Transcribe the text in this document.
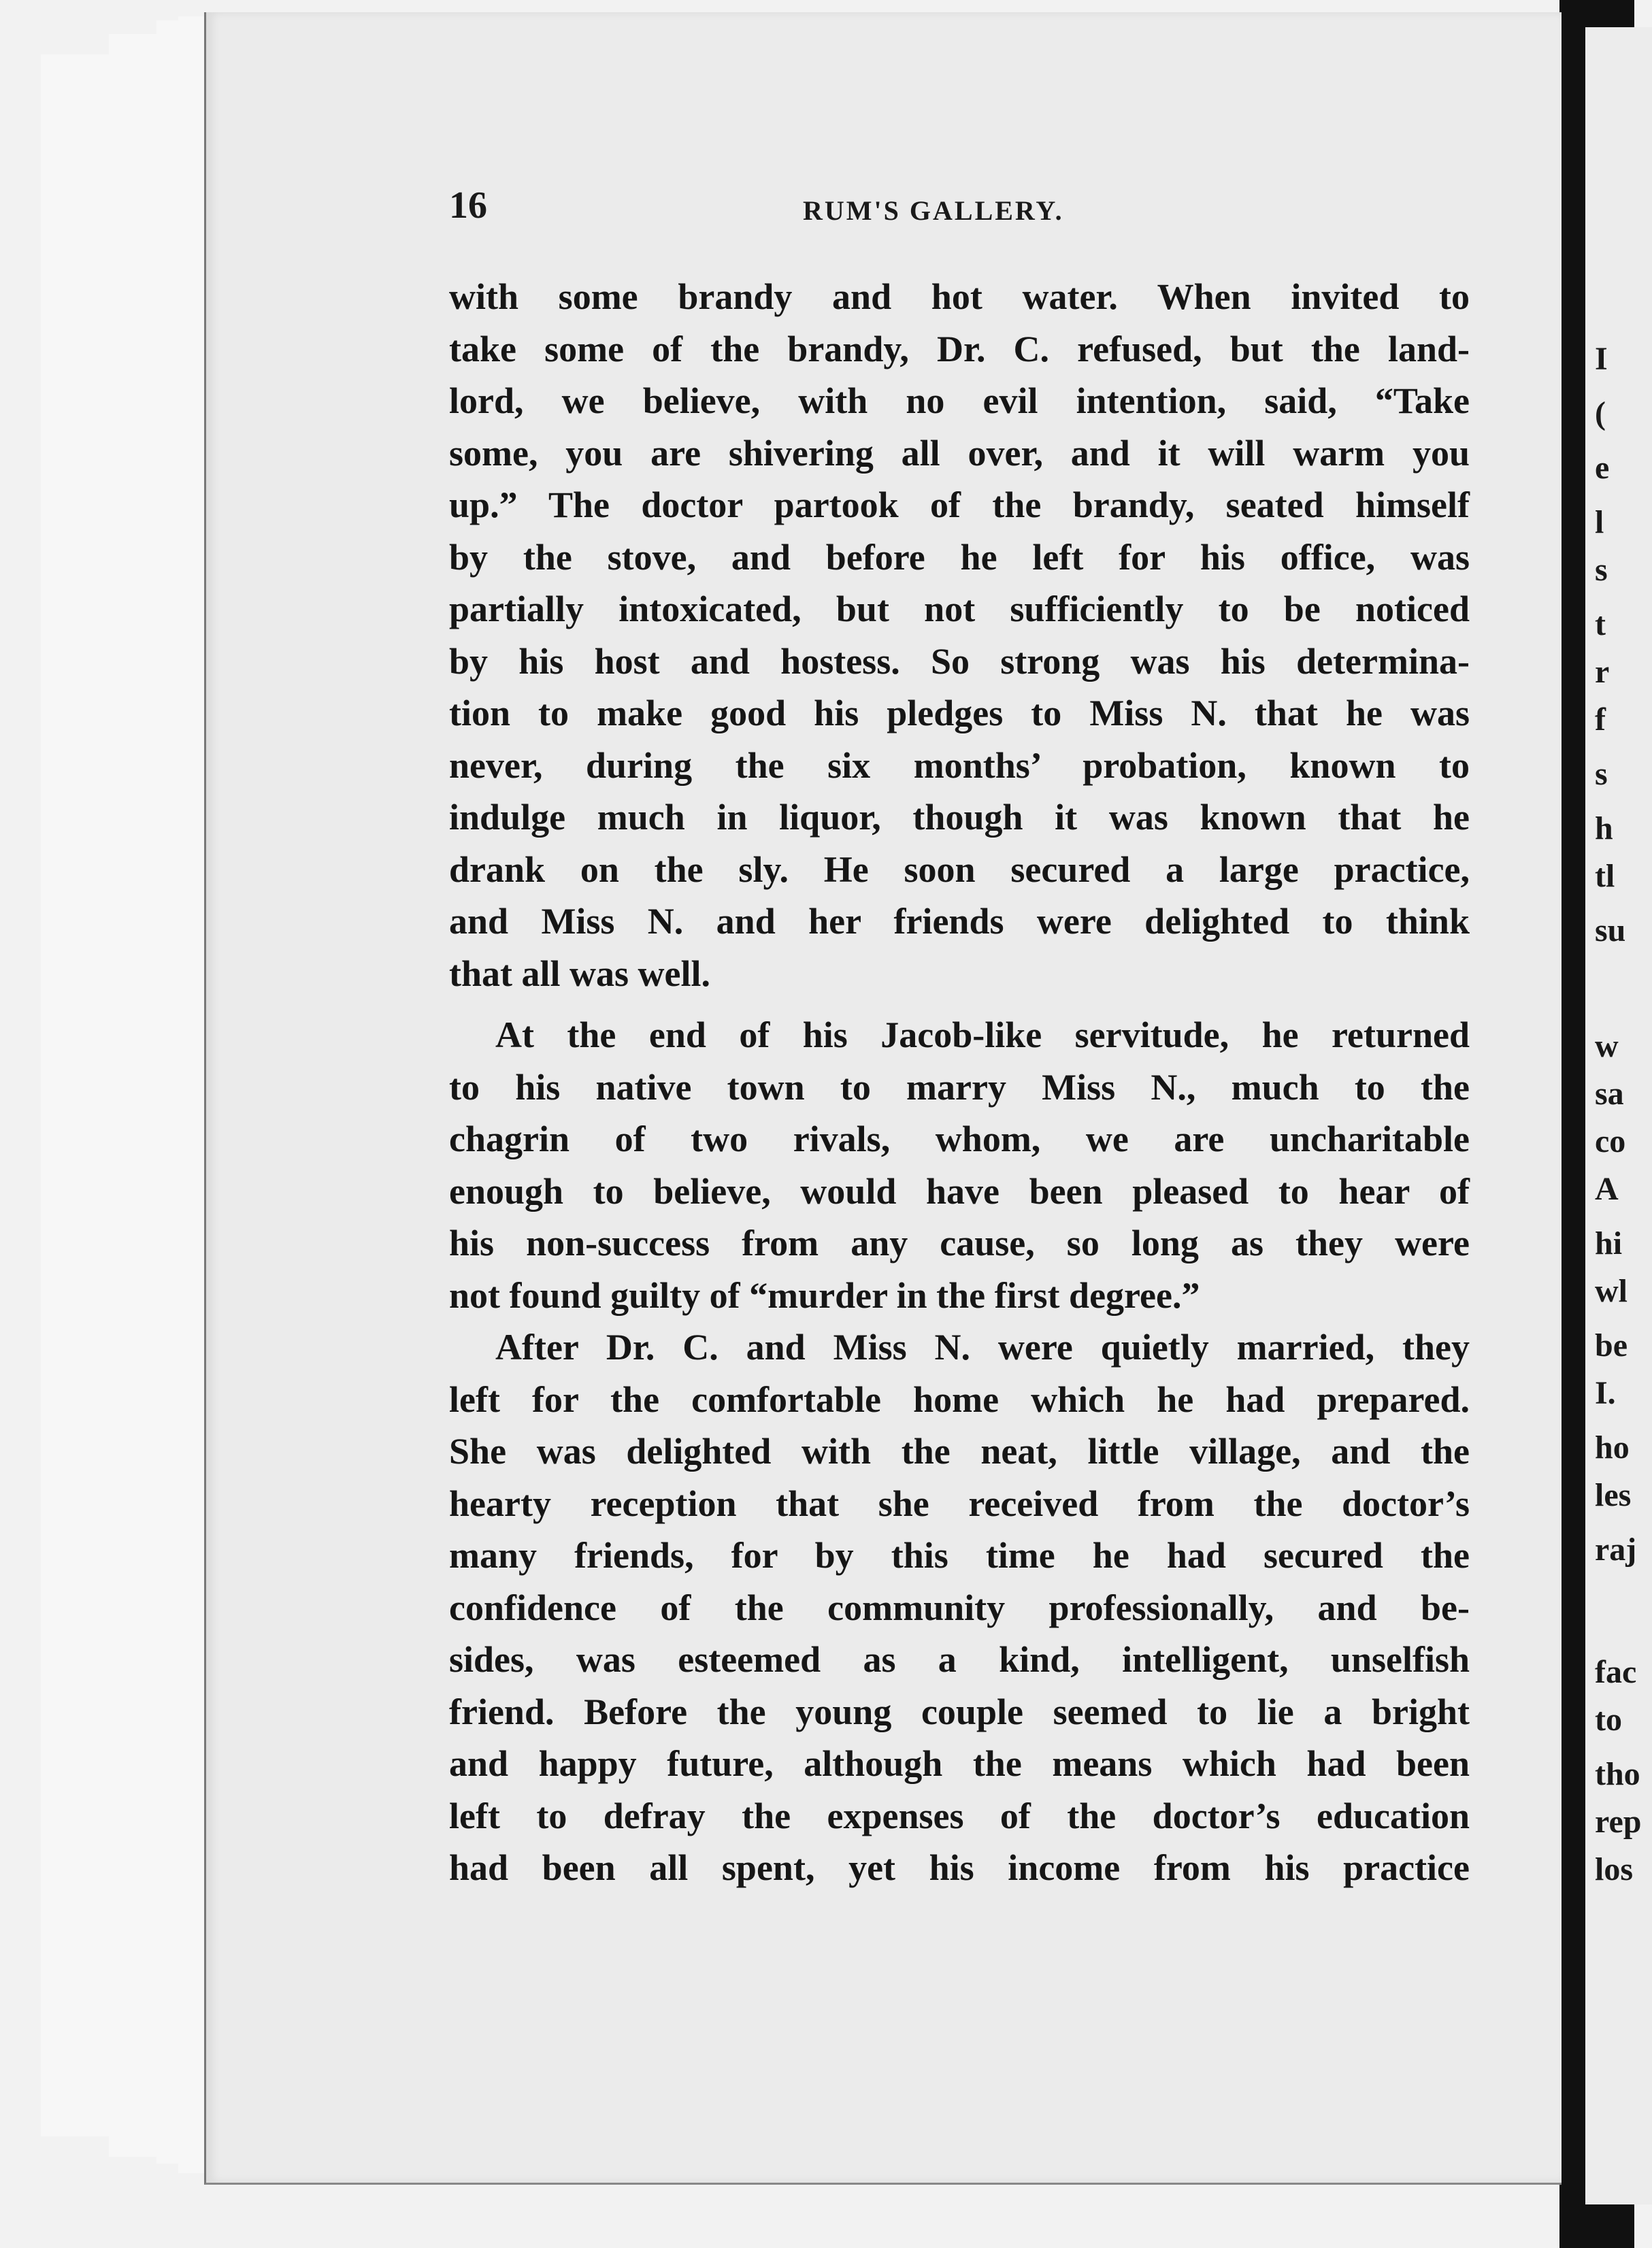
I
(
e
l
s
t
r
f
s
h
tl
su
w
sa
co
A
hi
wl
be
I.
ho
les
raj
fac
to
tho
rep
los
16	RUM'S GALLERY.
with some brandy and hot water. When invited to
take some of the brandy, Dr. C. refused, but the land-
lord, we believe, with no evil intention, said, “Take
some, you are shivering all over, and it will warm you
up.” The doctor partook of the brandy, seated himself
by the stove, and before he left for his office, was
partially intoxicated, but not sufficiently to be noticed
by his host and hostess. So strong was his determina-
tion to make good his pledges to Miss N. that he was
never, during the six months’ probation, known to
indulge much in liquor, though it was known that he
drank on the sly. He soon secured a large practice,
and Miss N. and her friends were delighted to think
that all was well.
At the end of his Jacob-like servitude, he returned
to his native town to marry Miss N., much to the
chagrin of two rivals, whom, we are uncharitable
enough to believe, would have been pleased to hear of
his non-success from any cause, so long as they were
not found guilty of “murder in the first degree.”
After Dr. C. and Miss N. were quietly married, they
left for the comfortable home which he had prepared.
She was delighted with the neat, little village, and the
hearty reception that she received from the doctor’s
many friends, for by this time he had secured the
confidence of the community professionally, and be-
sides, was esteemed as a kind, intelligent, unselfish
friend. Before the young couple seemed to lie a bright
and happy future, although the means which had been
left to defray the expenses of the doctor’s education
had been all spent, yet his income from his practice
